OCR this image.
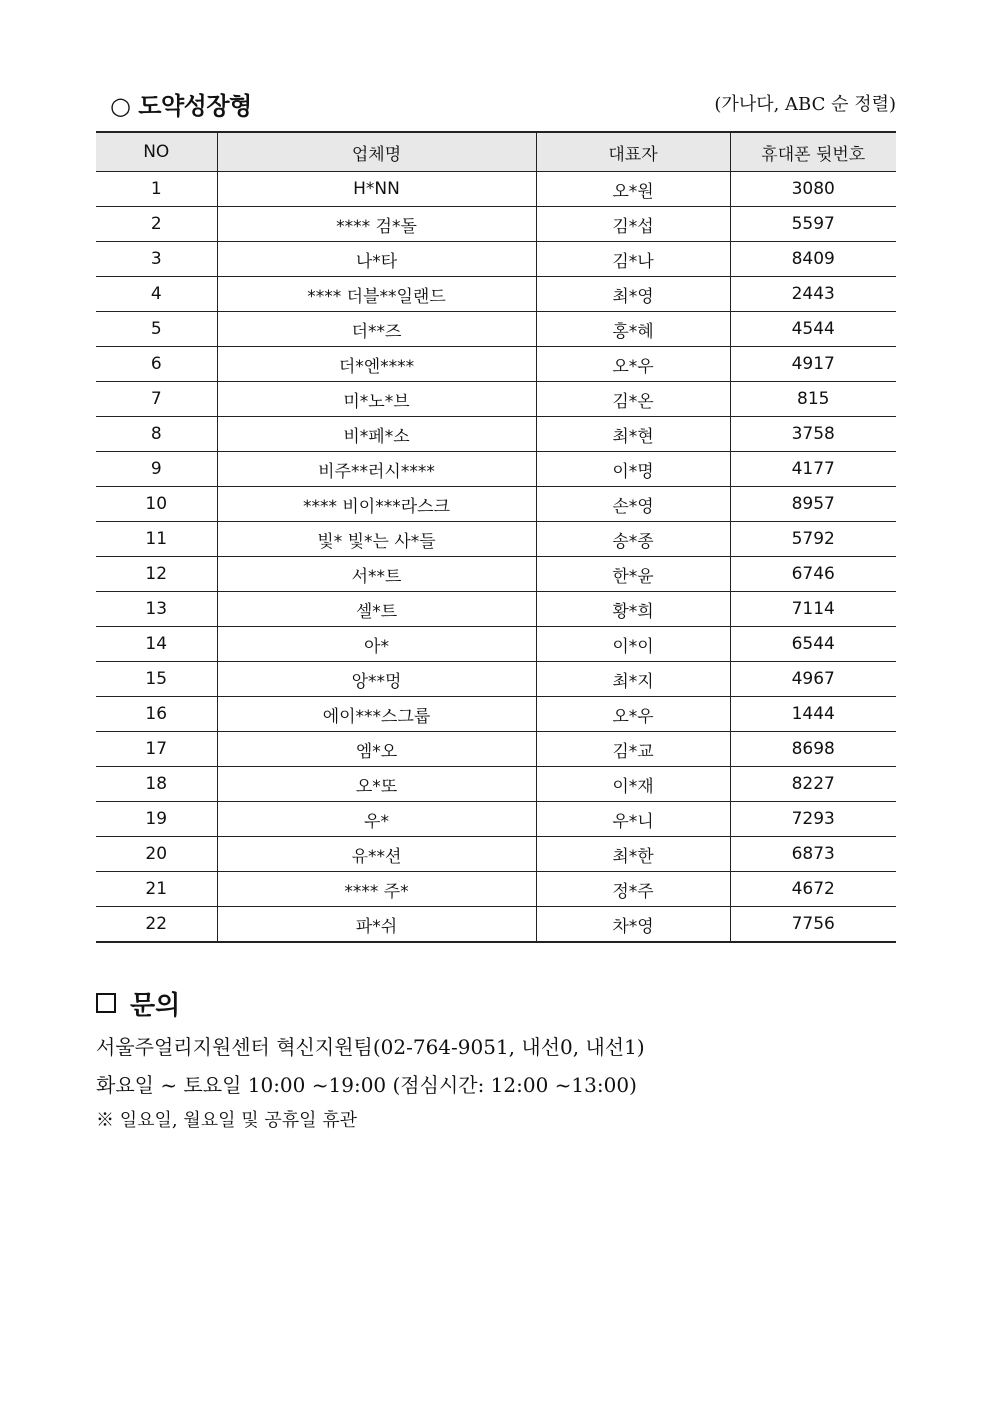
○ 도약성장형	(가나다, ABC 순 정렬)
NO	업체명	대표자	휴대폰 뒷번호
1	H*NN	오*원	3080
2	**** 검*돌	김*섭	5597
3	나*타	김*나	8409
4	**** 더블**일랜드	최*영	2443
5	더**즈	홍*혜	4544
6	더*엔****	오*우	4917
7	미*노*브	김*온	815
8	비*페*소	최*현	3758
9	비주**러시****	이*명	4177
10	**** 비이***라스크	손*영	8957
11	빛* 빛*는 사*들	송*종	5792
12	서**트	한*윤	6746
13	셀*트	황*희	7114
14	아*	이*이	6544
15	앙**멍	최*지	4967
16	에이***스그룹	오*우	1444
17	엠*오	김*교	8698
18	오*또	이*재	8227
19	우*	우*니	7293
20	유**션	최*한	6873
21	**** 주*	정*주	4672
22	파*쉬	차*영	7756
문의
서울주얼리지원센터 혁신지원팀(02-764-9051, 내선0, 내선1)
화요일 ~ 토요일 10:00 ~19:00 (점심시간: 12:00 ~13:00)
※ 일요일, 월요일 및 공휴일 휴관
